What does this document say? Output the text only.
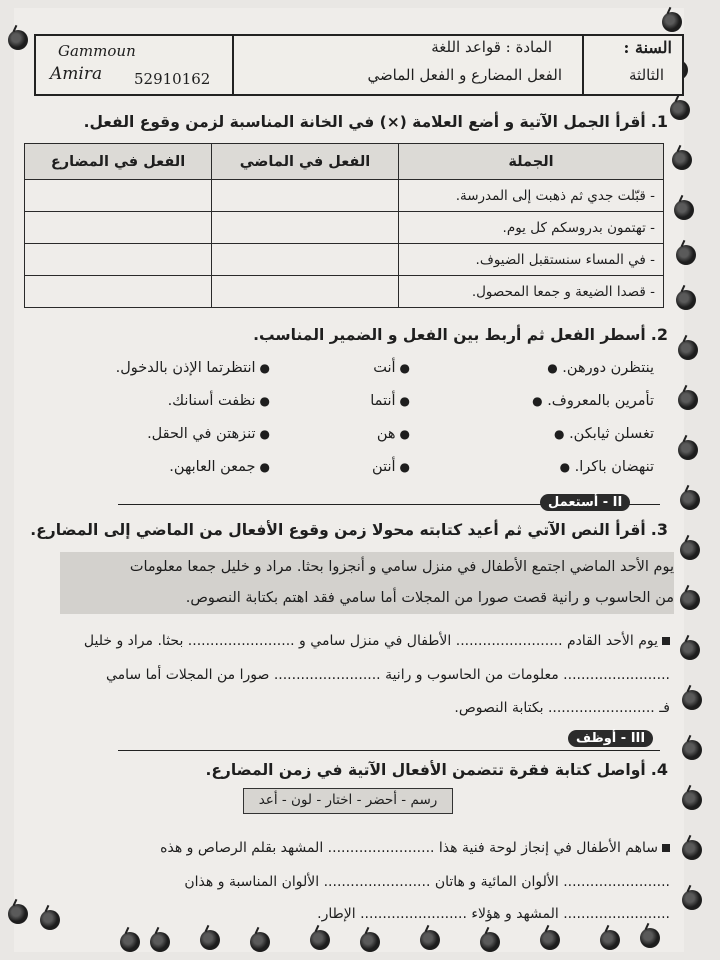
السنة :
الثالثة
المادة : قواعد اللغة
الفعل المضارع و الفعل الماضي
Gammoun
Amira 52910162
1. أقرأ الجمل الآتية و أضع العلامة (×) في الخانة المناسبة لزمن وقوع الفعل.
الجملة	الفعل في الماضي	الفعل في المضارع
- قبّلت جدي ثم ذهبت إلى المدرسة.		
- تهتمون بدروسكم كل يوم.		
- في المساء سنستقبل الضيوف.		
- قصدا الضيعة و جمعا المحصول.		
2. أسطر الفعل ثم أربط بين الفعل و الضمير المناسب.
ينتظرن دورهن. ●
تأمرين بالمعروف. ●
تغسلن ثيابكن. ●
تنهضان باكرا. ●
●أنت
●أنتما
●هن
●أنتن
●انتظرتما الإذن بالدخول.
●نظفت أسنانك.
●تنزهتن في الحقل.
●جمعن العابهن.
II - أستعمل
3. أقرأ النص الآتي ثم أعيد كتابته محولا زمن وقوع الأفعال من الماضي إلى المضارع.
يوم الأحد الماضي اجتمع الأطفال في منزل سامي و أنجزوا بحثا. مراد و خليل جمعا معلومات
من الحاسوب و رانية قصت صورا من المجلات أما سامي فقد اهتم بكتابة النصوص.
يوم الأحد القادم ........................ الأطفال في منزل سامي و ........................ بحثا. مراد و خليل
........................ معلومات من الحاسوب و رانية ........................ صورا من المجلات أما سامي
فـ ........................ بكتابة النصوص.
III - أوظف
4. أواصل كتابة فقرة تتضمن الأفعال الآتية في زمن المضارع.
رسم - أحضر - اختار - لون - أعد
ساهم الأطفال في إنجاز لوحة فنية هذا ........................ المشهد بقلم الرصاص و هذه
........................ الألوان المائية و هاتان ........................ الألوان المناسبة و هذان
........................ المشهد و هؤلاء ........................ الإطار.
